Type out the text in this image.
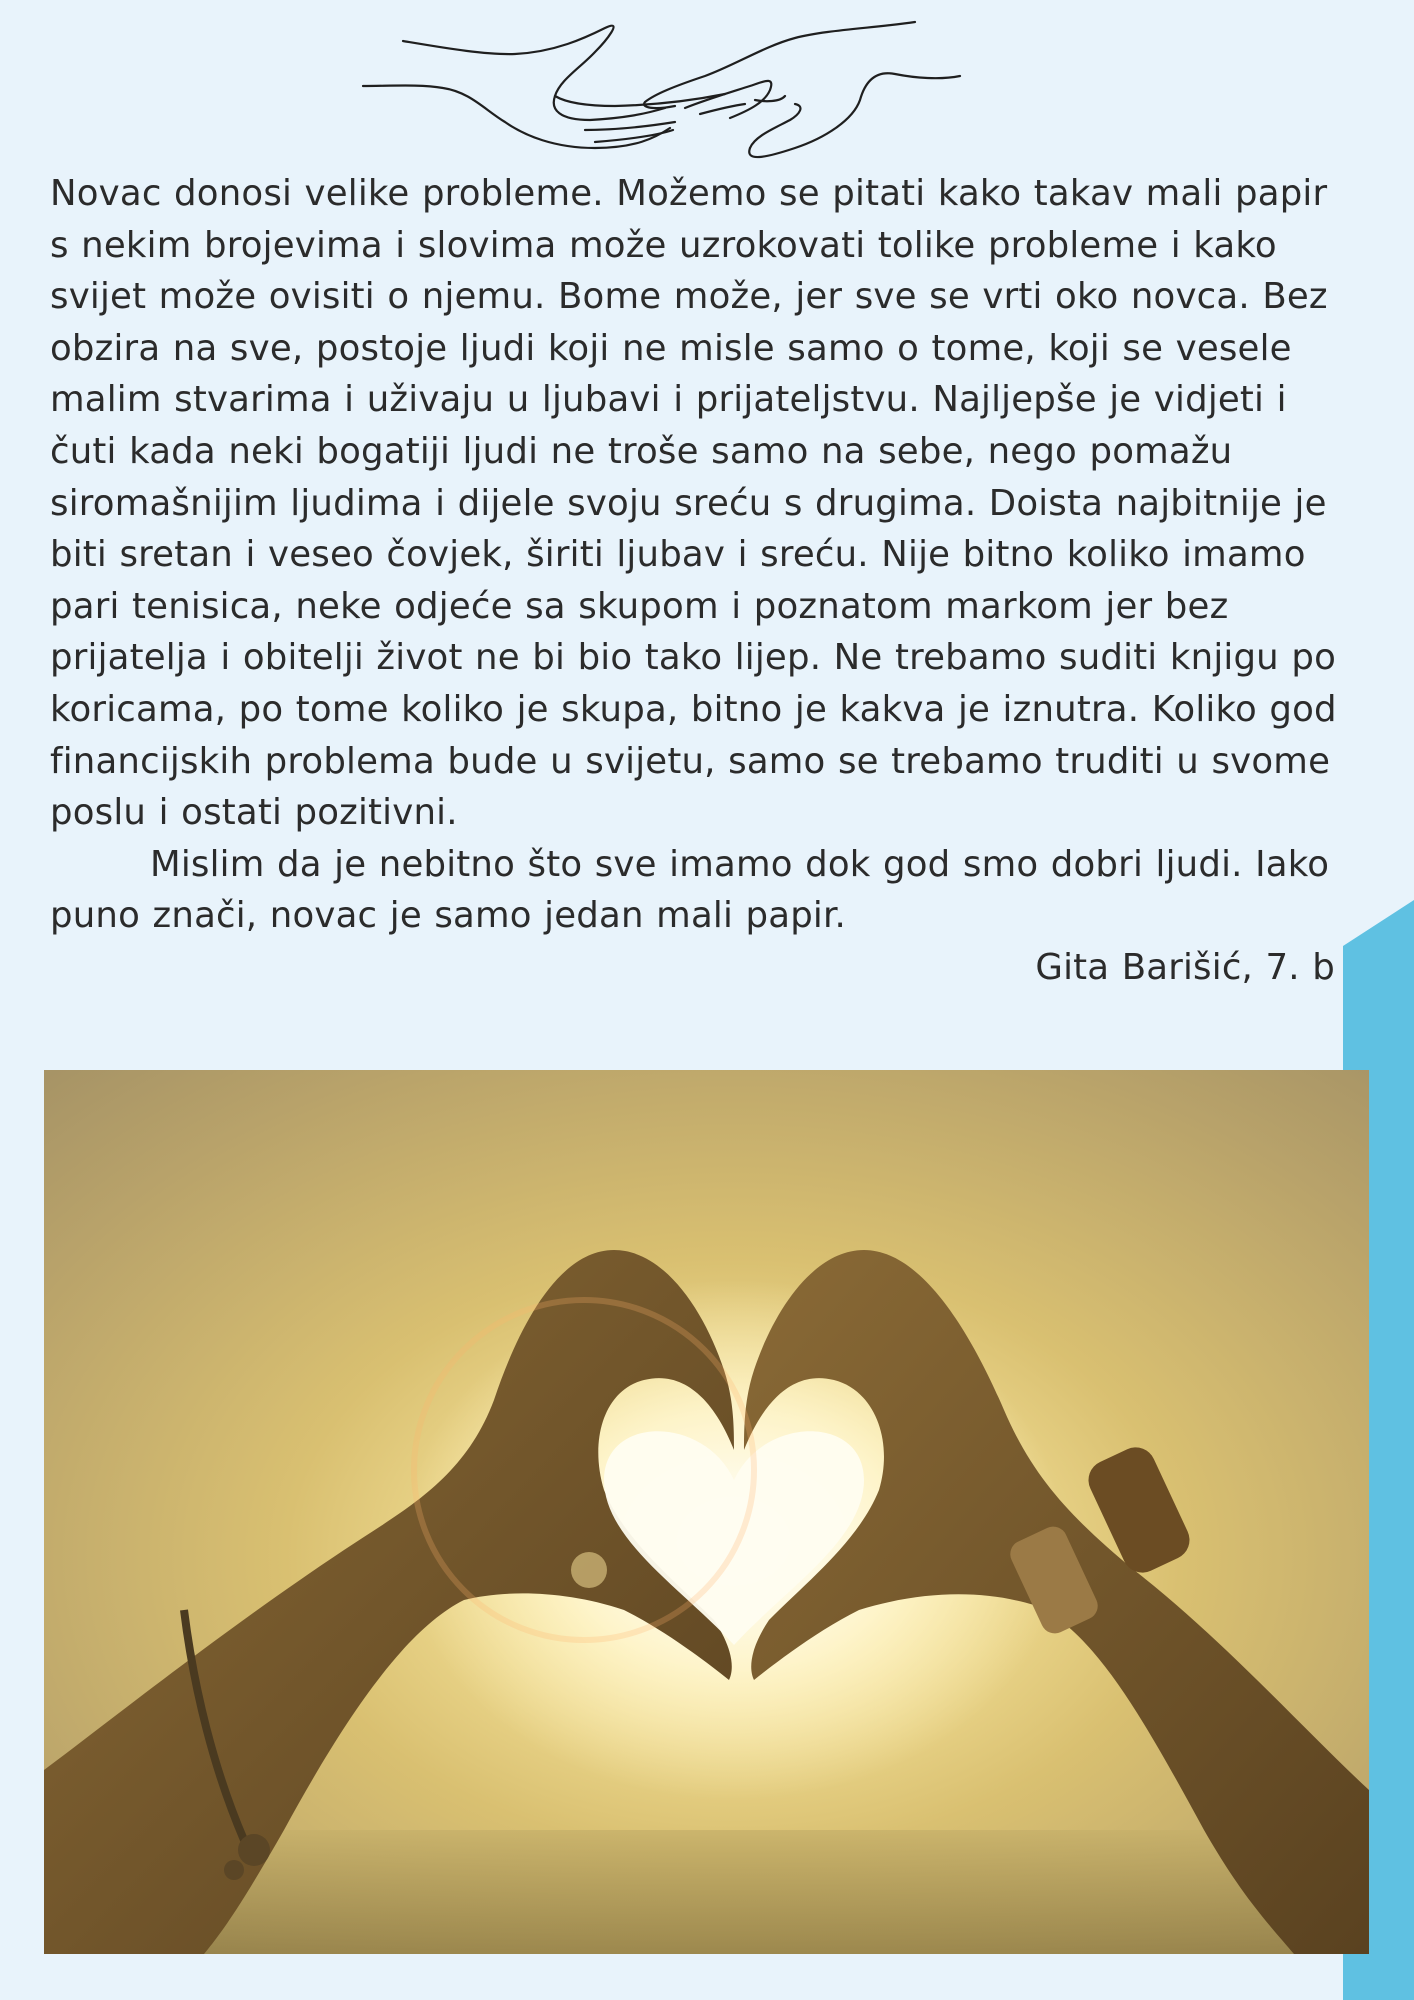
Novac donosi velike probleme. Možemo se pitati kako takav mali papir s nekim brojevima i slovima može uzrokovati tolike probleme i kako svijet može ovisiti o njemu. Bome može, jer sve se vrti oko novca. Bez obzira na sve, postoje ljudi koji ne misle samo o tome, koji se vesele malim stvarima i uživaju u ljubavi i prijateljstvu. Najljepše je vidjeti i čuti kada neki bogatiji ljudi ne troše samo na sebe, nego pomažu siromašnijim ljudima i dijele svoju sreću s drugima. Doista najbitnije je biti sretan i veseo čovjek, širiti ljubav i sreću. Nije bitno koliko imamo pari tenisica, neke odjeće sa skupom i poznatom markom jer bez prijatelja i obitelji život ne bi bio tako lijep. Ne trebamo suditi knjigu po koricama, po tome koliko je skupa, bitno je kakva je iznutra. Koliko god financijskih problema bude u svijetu, samo se trebamo truditi u svome poslu i ostati pozitivni.

Mislim da je nebitno što sve imamo dok god smo dobri ljudi. Iako puno znači, novac je samo jedan mali papir.

Gita Barišić, 7. b
